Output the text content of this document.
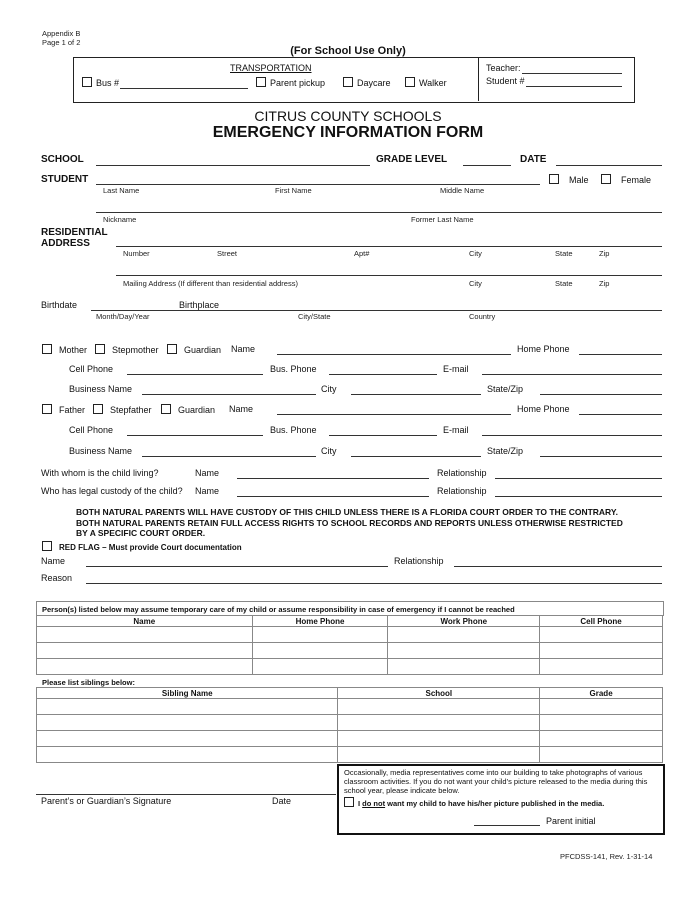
Appendix B
Page 1 of 2
(For School Use Only)
TRANSPORTATION
Bus #	Parent pickup	Daycare	Walker
Teacher:
Student #
CITRUS COUNTY SCHOOLS
EMERGENCY INFORMATION FORM
SCHOOL	GRADE LEVEL	DATE
STUDENT	Male	Female
Last Name	First Name	Middle Name
Nickname	Former Last Name
RESIDENTIAL
ADDRESS
Number	Street	Apt#	City	State	Zip
Mailing Address (If different than residential address)	City	State	Zip
Birthdate	Birthplace
Month/Day/Year	City/State	Country
Mother	Stepmother	Guardian Name	Home Phone
Cell Phone	Bus. Phone	E-mail
Business Name	City	State/Zip
Father	Stepfather	Guardian Name	Home Phone
Cell Phone	Bus. Phone	E-mail
Business Name	City	State/Zip
With whom is the child living?	Name	Relationship
Who has legal custody of the child? Name	Relationship
BOTH NATURAL PARENTS WILL HAVE CUSTODY OF THIS CHILD UNLESS THERE IS A FLORIDA COURT ORDER TO THE CONTRARY. BOTH NATURAL PARENTS RETAIN FULL ACCESS RIGHTS TO SCHOOL RECORDS AND REPORTS UNLESS OTHERWISE RESTRICTED BY A SPECIFIC COURT ORDER.
RED FLAG – Must provide Court documentation
Name	Relationship
Reason
Person(s) listed below may assume temporary care of my child or assume responsibility in case of emergency if I cannot be reached
Name	Home Phone	Work Phone	Cell Phone

Please list siblings below:
Sibling Name	School	Grade

Parent’s or Guardian’s Signature	Date
Occasionally, media representatives come into our building to take photographs of various classroom activities. If you do not want your child’s picture released to the media during this school year, please indicate below.
I do not want my child to have his/her picture published in the media.
Parent initial
PFCDSS-141, Rev. 1-31-14
